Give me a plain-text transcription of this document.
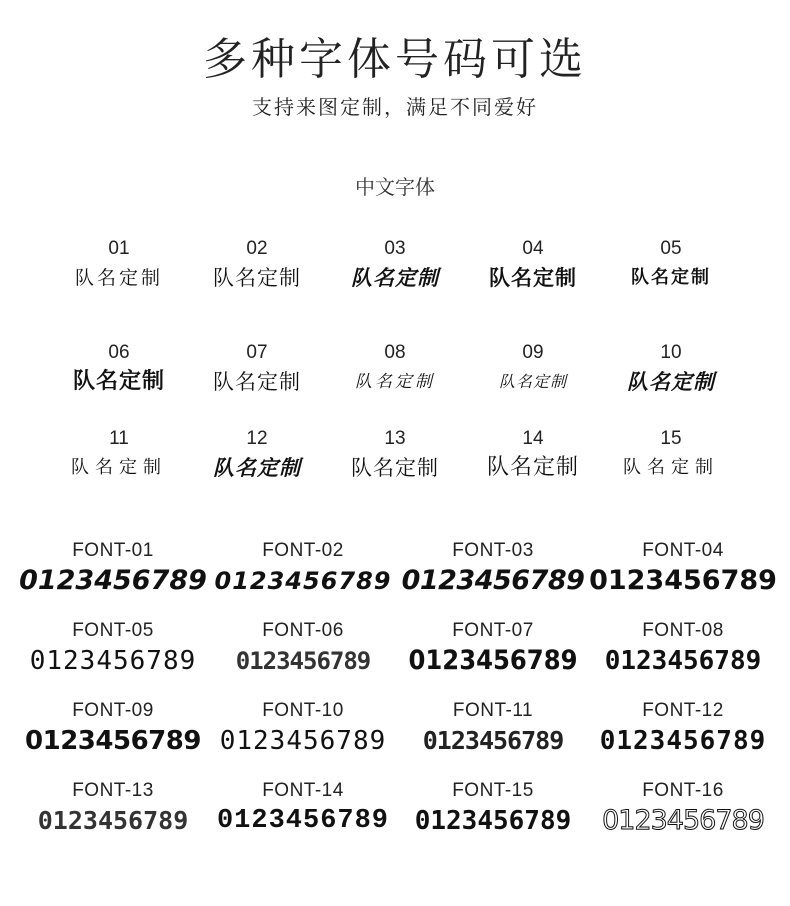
多种字体号码可选
支持来图定制，满足不同爱好
中文字体
01
队名定制
02
队名定制
03
队名定制
04
队名定制
05
队名定制
06
队名定制
07
队名定制
08
队名定制
09
队名定制
10
队名定制
11
队名定制
12
队名定制
13
队名定制
14
队名定制
15
队名定制
FONT-01
0123456789
FONT-02
0123456789
FONT-03
0123456789
FONT-04
0123456789
FONT-05
0123456789
FONT-06
0123456789
FONT-07
0123456789
FONT-08
0123456789
FONT-09
0123456789
FONT-10
0123456789
FONT-11
0123456789
FONT-12
0123456789
FONT-13
0123456789
FONT-14
0123456789
FONT-15
0123456789
FONT-16
0123456789
